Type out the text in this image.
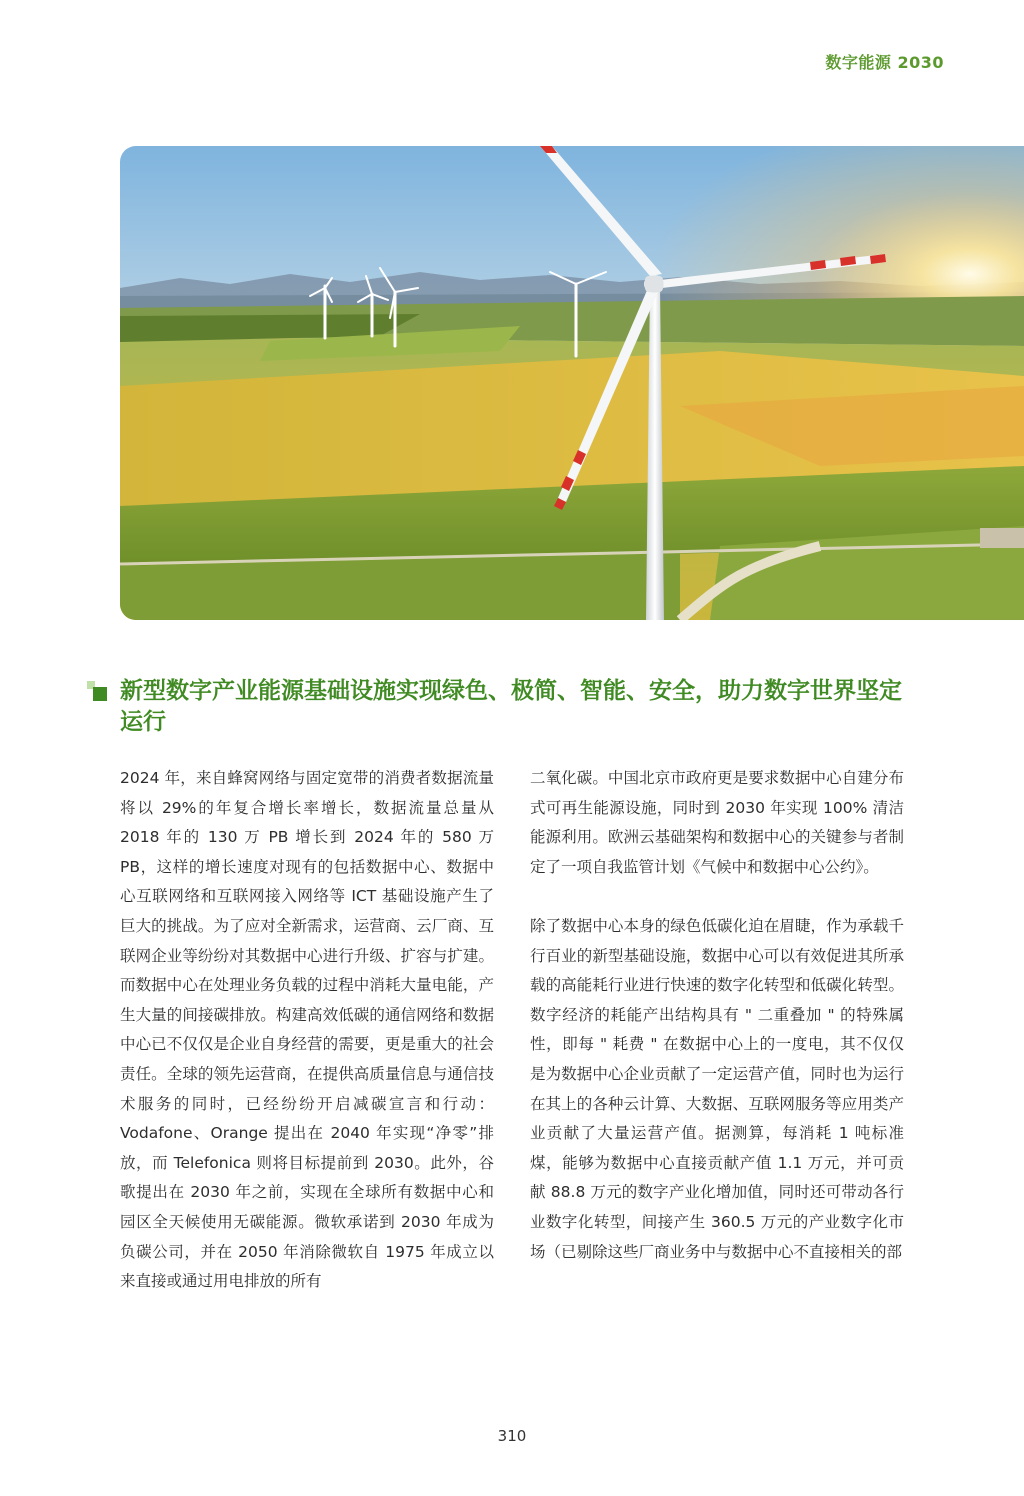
数字能源 2030
新型数字产业能源基础设施实现绿色、极简、智能、安全，助力数字世界坚定运行

2024 年，来自蜂窝网络与固定宽带的消费者数据流量将以 29%的年复合增长率增长，数据流量总量从 2018 年的 130 万 PB 增长到 2024 年的 580 万 PB，这样的增长速度对现有的包括数据中心、数据中心互联网络和互联网接入网络等 ICT 基础设施产生了巨大的挑战。为了应对全新需求，运营商、云厂商、互联网企业等纷纷对其数据中心进行升级、扩容与扩建。而数据中心在处理业务负载的过程中消耗大量电能，产生大量的间接碳排放。构建高效低碳的通信网络和数据中心已不仅仅是企业自身经营的需要，更是重大的社会责任。全球的领先运营商，在提供高质量信息与通信技术服务的同时，已经纷纷开启减碳宣言和行动：Vodafone、Orange 提出在 2040 年实现“净零”排放，而 Telefonica 则将目标提前到 2030。此外，谷歌提出在 2030 年之前，实现在全球所有数据中心和园区全天候使用无碳能源。微软承诺到 2030 年成为负碳公司，并在 2050 年消除微软自 1975 年成立以来直接或通过用电排放的所有

二氧化碳。中国北京市政府更是要求数据中心自建分布式可再生能源设施，同时到 2030 年实现 100% 清洁能源利用。欧洲云基础架构和数据中心的关键参与者制定了一项自我监管计划《气候中和数据中心公约》。

除了数据中心本身的绿色低碳化迫在眉睫，作为承载千行百业的新型基础设施，数据中心可以有效促进其所承载的高能耗行业进行快速的数字化转型和低碳化转型。数字经济的耗能产出结构具有 " 二重叠加 " 的特殊属性，即每 " 耗费 " 在数据中心上的一度电，其不仅仅是为数据中心企业贡献了一定运营产值，同时也为运行在其上的各种云计算、大数据、互联网服务等应用类产业贡献了大量运营产值。据测算，每消耗 1 吨标准煤，能够为数据中心直接贡献产值 1.1 万元，并可贡献 88.8 万元的数字产业化增加值，同时还可带动各行业数字化转型，间接产生 360.5 万元的产业数字化市场（已剔除这些厂商业务中与数据中心不直接相关的部

310
